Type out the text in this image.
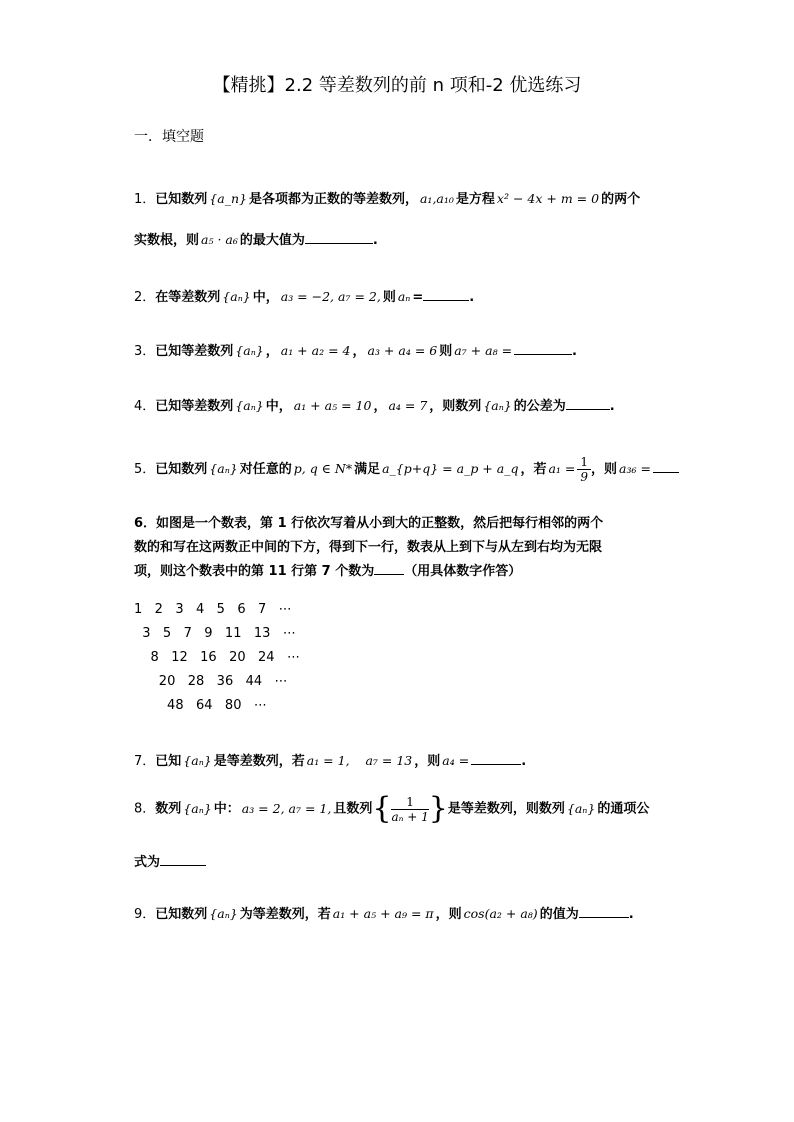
【精挑】2.2 等差数列的前 n 项和-2 优选练习
一．填空题
1．已知数列 {a_n} 是各项都为正数的等差数列， a₁,a₁₀ 是方程 x² − 4x + m = 0 的两个
实数根，则 a₅ · a₆ 的最大值为	.
2．在等差数列 {aₙ} 中， a₃ = −2, a₇ = 2, 则 aₙ =	.
3．已知等差数列 {aₙ} ， a₁ + a₂ = 4 ， a₃ + a₄ = 6 则 a₇ + a₈ =	.
4．已知等差数列 {aₙ} 中， a₁ + a₅ = 10 ， a₄ = 7 ，则数列 {aₙ} 的公差为	.
5．已知数列 {aₙ} 对任意的 p, q ∈ N* 满足 a_{p+q} = a_p + a_q ，若 $a_1 = \frac{1}{9}$ ，则 a₃₆ =
6．如图是一个数表，第 1 行依次写着从小到大的正整数，然后把每行相邻的两个
数的和写在这两数正中间的下方，得到下一行，数表从上到下与从左到右均为无限
项，则这个数表中的第 11 行第 7 个数为 （用具体数字作答）
1   2   3   4   5   6   7   ⋯
3   5   7   9   11   13   ⋯
8   12   16   20   24   ⋯
20   28   36   44   ⋯
48   64   80   ⋯
7．已知 {aₙ} 是等差数列，若 a₁ = 1,    a₇ = 13 ，则 a₄ =	.
8．数列 {aₙ} 中： a₃ = 2, a₇ = 1, 且数列{ $\frac{1}{\text{aₙ + 1}}$ }是等差数列，则数列 {aₙ} 的通项公
式为
9．已知数列 {aₙ} 为等差数列，若 a₁ + a₅ + a₉ = π ，则 cos(a₂ + a₈) 的值为	.
